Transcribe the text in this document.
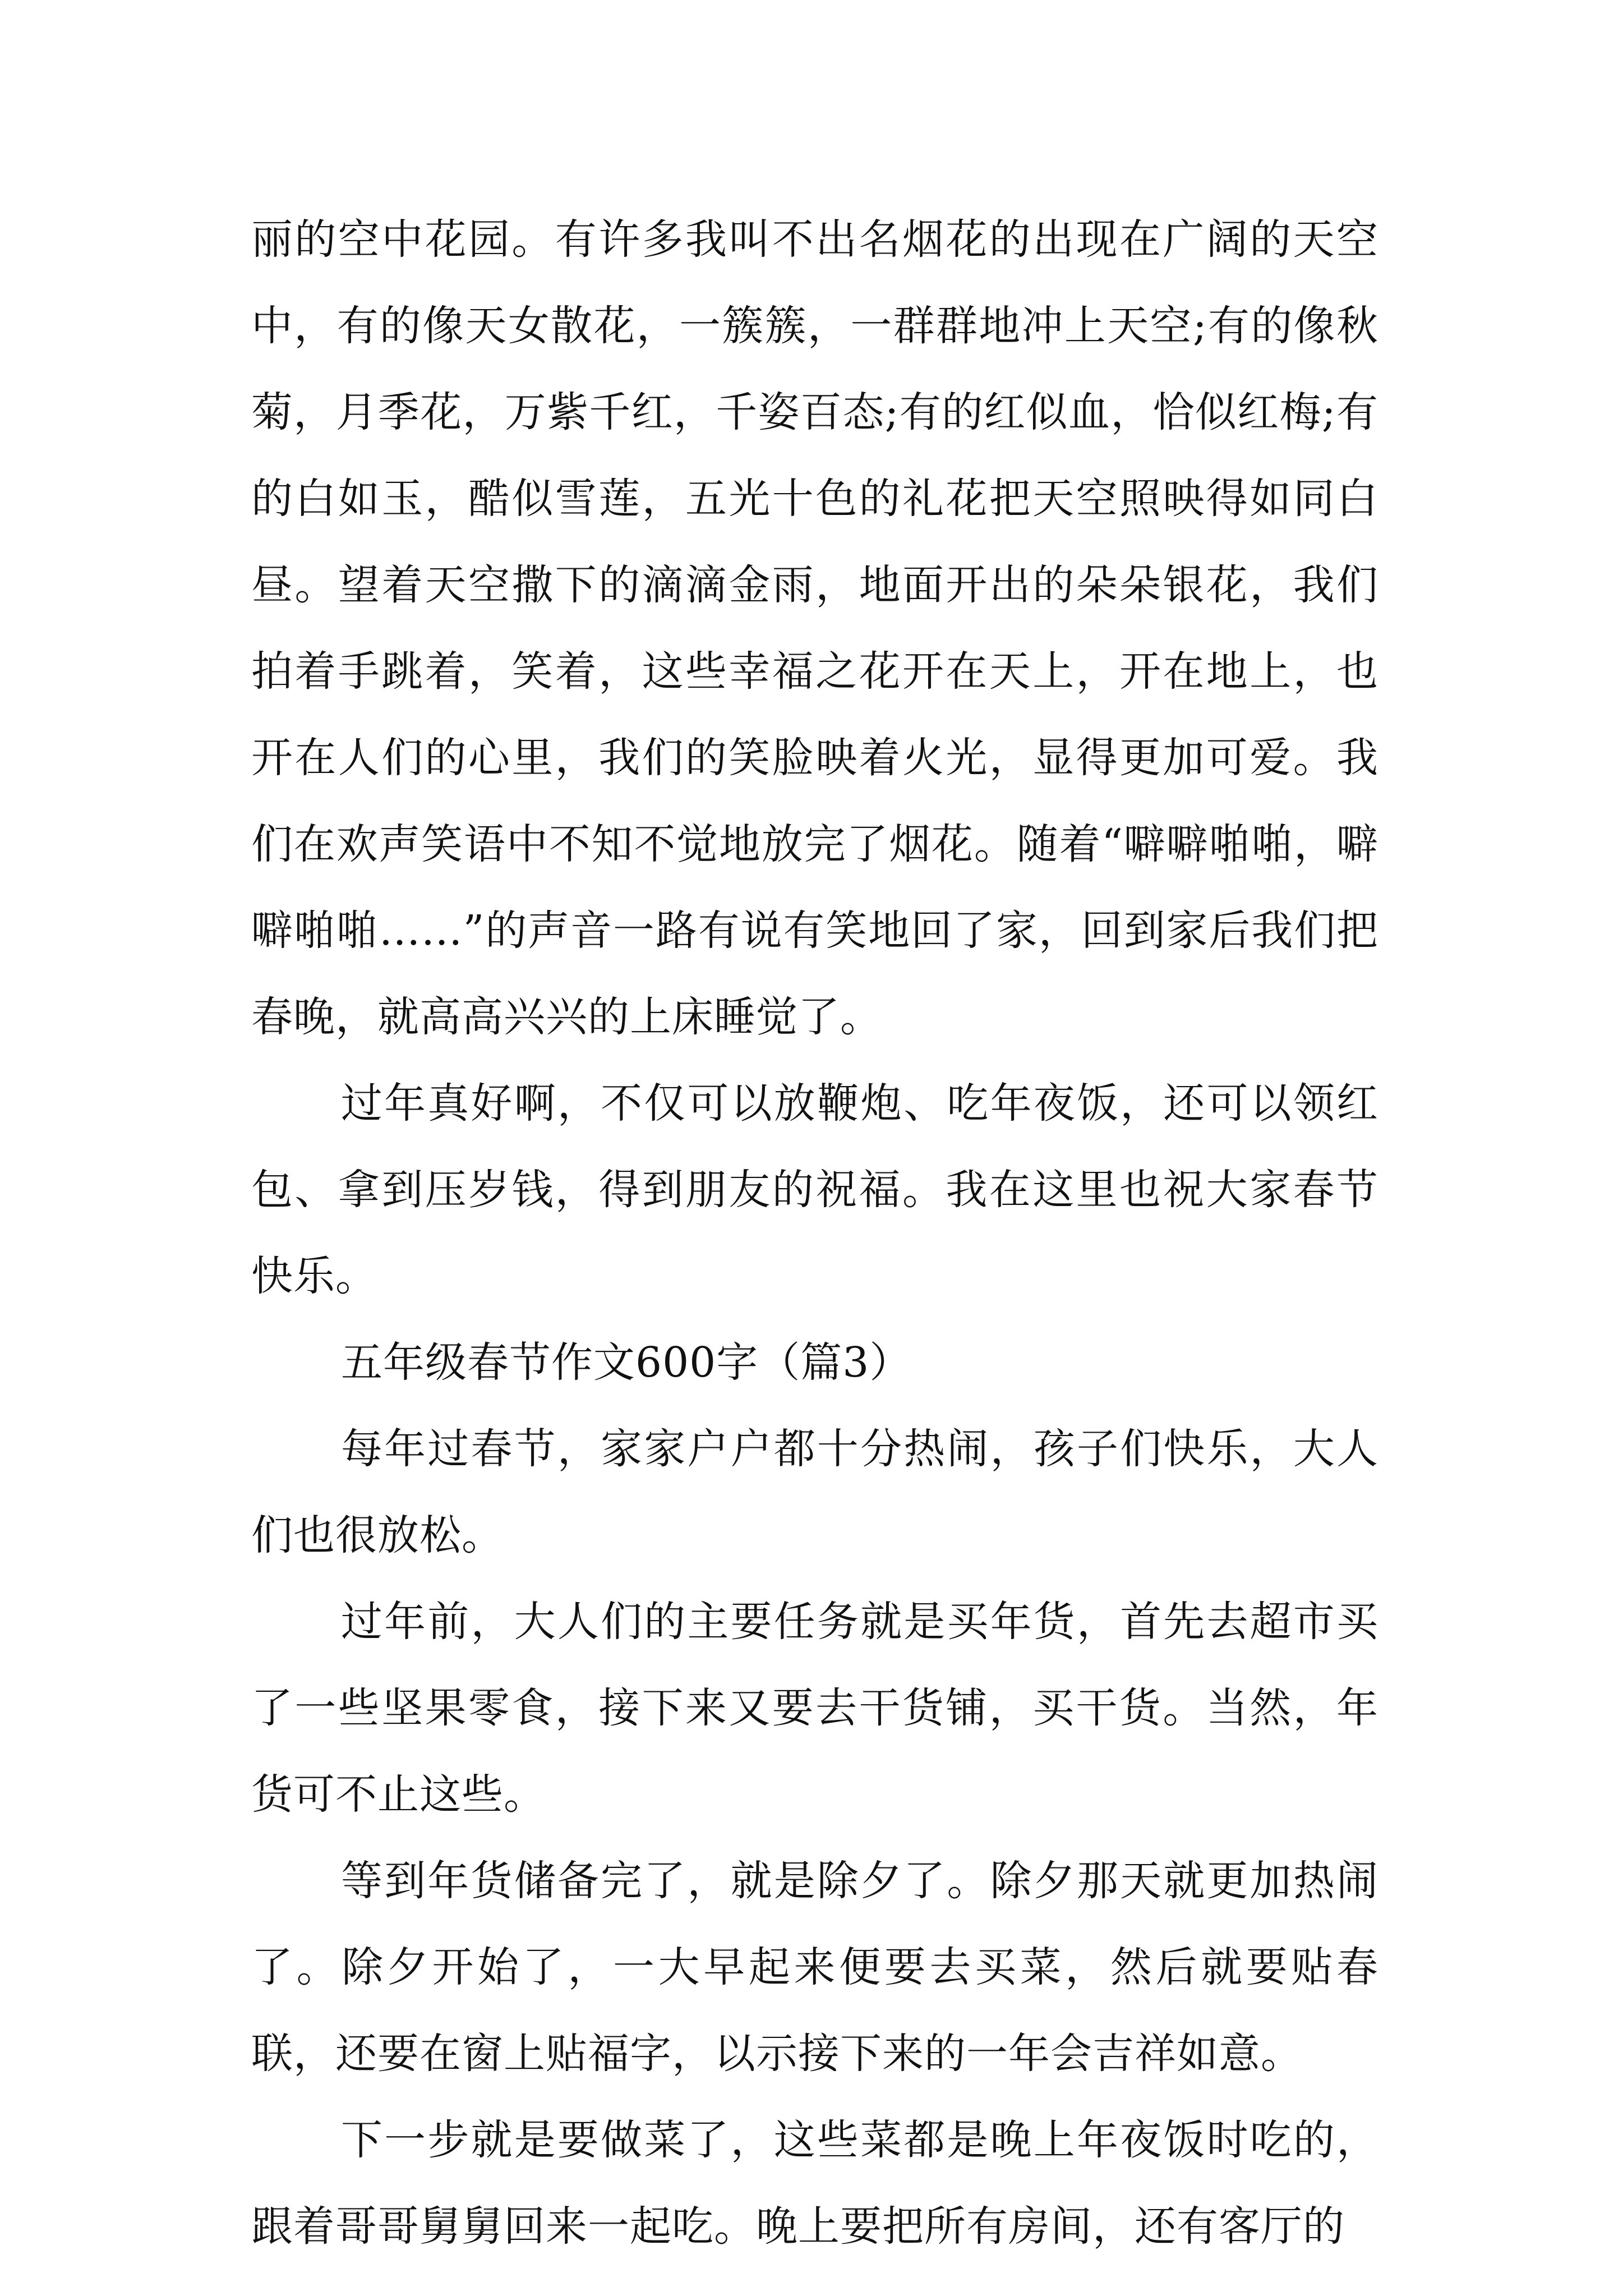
丽的空中花园。有许多我叫不出名烟花的出现在广阔的天空中，有的像天女散花，一簇簇，一群群地冲上天空;有的像秋菊，月季花，万紫千红，千姿百态;有的红似血，恰似红梅;有的白如玉，酷似雪莲，五光十色的礼花把天空照映得如同白昼。望着天空撒下的滴滴金雨，地面开出的朵朵银花，我们拍着手跳着，笑着，这些幸福之花开在天上，开在地上，也开在人们的心里，我们的笑脸映着火光，显得更加可爱。我们在欢声笑语中不知不觉地放完了烟花。随着“噼噼啪啪，噼噼啪啪……”的声音一路有说有笑地回了家，回到家后我们把春晚，就高高兴兴的上床睡觉了。

过年真好啊，不仅可以放鞭炮、吃年夜饭，还可以领红包、拿到压岁钱，得到朋友的祝福。我在这里也祝大家春节快乐。

五年级春节作文600字（篇3）

每年过春节，家家户户都十分热闹，孩子们快乐，大人们也很放松。

过年前，大人们的主要任务就是买年货，首先去超市买了一些坚果零食，接下来又要去干货铺，买干货。当然，年货可不止这些。

等到年货储备完了，就是除夕了。除夕那天就更加热闹了。除夕开始了，一大早起来便要去买菜，然后就要贴春联，还要在窗上贴福字，以示接下来的一年会吉祥如意。

下一步就是要做菜了，这些菜都是晚上年夜饭时吃的，跟着哥哥舅舅回来一起吃。晚上要把所有房间，还有客厅的
